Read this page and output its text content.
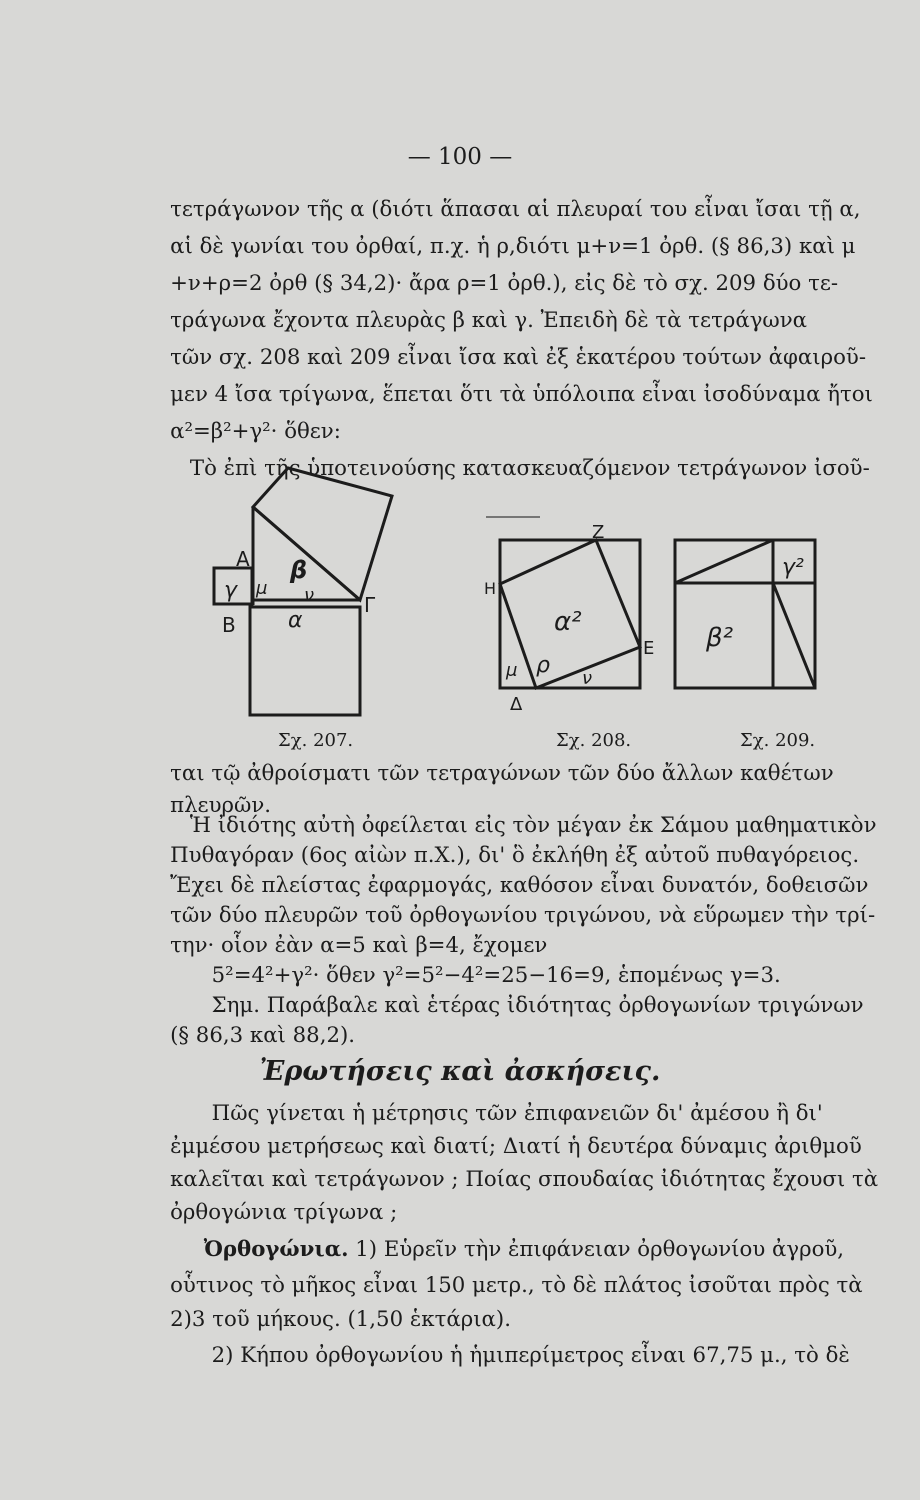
— 100 —
τετράγωνον τῆς α (διότι ἅπασαι αἱ πλευραί του εἶναι ἴσαι τῇ α,
αἱ δὲ γωνίαι του ὀρθαί, π.χ. ἡ ρ,διότι μ+ν=1 ὀρθ. (§ 86,3) καὶ μ
+ν+ρ=2 ὀρθ (§ 34,2)· ἄρα ρ=1 ὀρθ.), εἰς δὲ τὸ σχ. 209 δύο τε-
τράγωνα ἔχοντα πλευρὰς β καὶ γ. Ἐπειδὴ δὲ τὰ τετράγωνα
τῶν σχ. 208 καὶ 209 εἶναι ἴσα καὶ ἐξ ἑκατέρου τούτων ἀφαιροῦ-
μεν 4 ἴσα τρίγωνα, ἕπεται ὅτι τὰ ὑπόλοιπα εἶναι ἰσοδύναμα ἤτοι
α²=β²+γ²· ὅθεν:
Τὸ ἐπὶ τῆς ὑποτεινούσης κατασκευαζόμενον τετράγωνον ἰσοῦ-
Α
Β
Γ
γ μ
β
ν
α
Ζ
Η
Ε
Δ
α²
μ ρ
ν
γ²
β²
Σχ. 207.	Σχ. 208.	Σχ. 209.
ται τῷ ἀθροίσματι τῶν τετραγώνων τῶν δύο ἄλλων καθέτων
πλευρῶν.
Ἡ ἰδιότης αὐτὴ ὀφείλεται εἰς τὸν μέγαν ἐκ Σάμου μαθηματικὸν
Πυθαγόραν (6ος αἰὼν π.Χ.), δι' ὃ ἐκλήθη ἐξ αὐτοῦ πυθαγόρειος.
Ἔχει δὲ πλείστας ἐφαρμογάς, καθόσον εἶναι δυνατόν, δοθεισῶν
τῶν δύο πλευρῶν τοῦ ὀρθογωνίου τριγώνου, νὰ εὕρωμεν τὴν τρί-
την· οἷον ἐὰν α=5 καὶ β=4, ἔχομεν
5²=4²+γ²· ὅθεν γ²=5²−4²=25−16=9, ἑπομένως γ=3.
Σημ. Παράβαλε καὶ ἑτέρας ἰδιότητας ὀρθογωνίων τριγώνων
(§ 86,3 καὶ 88,2).
Ἐρωτήσεις καὶ ἀσκήσεις.
Πῶς γίνεται ἡ μέτρησις τῶν ἐπιφανειῶν δι' ἀμέσου ἢ δι'
ἐμμέσου μετρήσεως καὶ διατί; Διατί ἡ δευτέρα δύναμις ἀριθμοῦ
καλεῖται καὶ τετράγωνον ; Ποίας σπουδαίας ἰδιότητας ἔχουσι τὰ
ὀρθογώνια τρίγωνα ;
Ὀρθογώνια. 1) Εὑρεῖν τὴν ἐπιφάνειαν ὀρθογωνίου ἀγροῦ,
οὗτινος τὸ μῆκος εἶναι 150 μετρ., τὸ δὲ πλάτος ἰσοῦται πρὸς τὰ
2)3 τοῦ μήκους. (1,50 ἑκτάρια).
2) Κήπου ὀρθογωνίου ἡ ἡμιπερίμετρος εἶναι 67,75 μ., τὸ δὲ
